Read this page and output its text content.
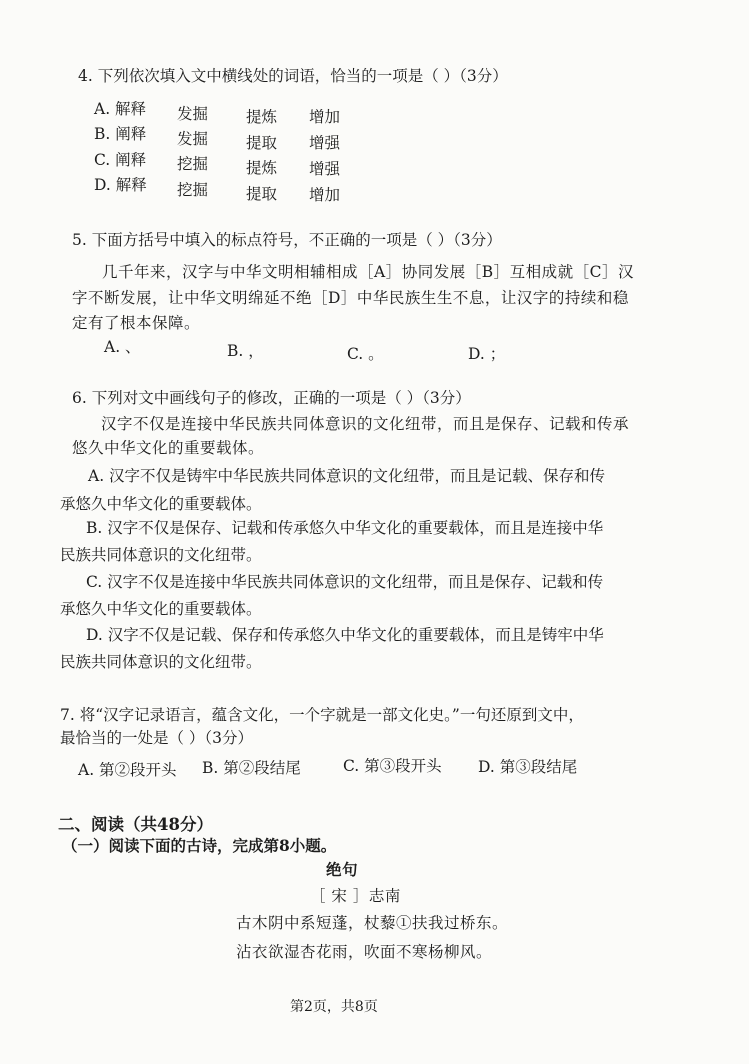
4. 下列依次填入文中横线处的词语，恰当的一项是（ ）（3分）
A. 解释 发掘 提炼 增加
B. 阐释 发掘 提取 增强
C. 阐释 挖掘 提炼 增强
D. 解释 挖掘 提取 增加
5. 下面方括号中填入的标点符号，不正确的一项是（ ）（3分）
几千年来，汉字与中华文明相辅相成［A］协同发展［B］互相成就［C］汉
字不断发展，让中华文明绵延不绝［D］中华民族生生不息，让汉字的持续和稳
定有了根本保障。
A. 、	B. ，	C. 。	D. ；
6. 下列对文中画线句子的修改，正确的一项是（ ）（3分）
汉字不仅是连接中华民族共同体意识的文化纽带，而且是保存、记载和传承
悠久中华文化的重要载体。
A. 汉字不仅是铸牢中华民族共同体意识的文化纽带，而且是记载、保存和传
承悠久中华文化的重要载体。
B. 汉字不仅是保存、记载和传承悠久中华文化的重要载体，而且是连接中华
民族共同体意识的文化纽带。
C. 汉字不仅是连接中华民族共同体意识的文化纽带，而且是保存、记载和传
承悠久中华文化的重要载体。
D. 汉字不仅是记载、保存和传承悠久中华文化的重要载体，而且是铸牢中华
民族共同体意识的文化纽带。
7. 将“汉字记录语言，蕴含文化，一个字就是一部文化史。”一句还原到文中，
最恰当的一处是（ ）（3分）
A. 第②段开头 B. 第②段结尾	C. 第③段开头 D. 第③段结尾
二、阅读（共48分）
（一）阅读下面的古诗，完成第8小题。
绝句
［ 宋 ］志南
古木阴中系短蓬，杖藜①扶我过桥东。
沾衣欲湿杏花雨，吹面不寒杨柳风。
第2页，共8页
